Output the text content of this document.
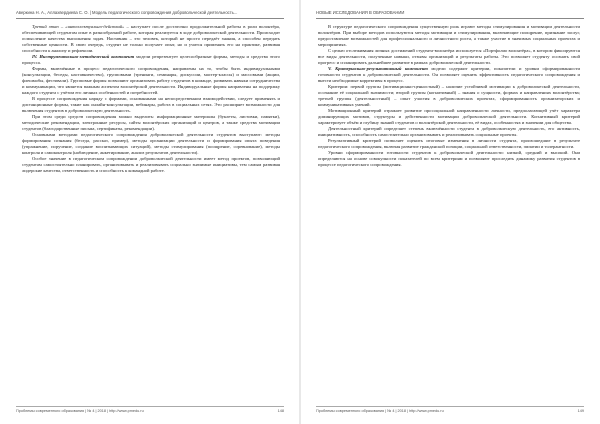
Аверкина Н. А., Аллахвердиева С. О. | Модель педагогического сопровождения добровольческой деятельность...

Третий этап – «интеллектуально-действий» – наступает после достаточно продолжительной работы в роли волонтёра, обеспечивающей студентам опыт в разнообразной работе, которая реализуется в ходе добровольческой деятельности. Происходит осмысление качества выполнения задач. Наставник – это человек, который не просто передаёт знания, а способен передать собственные ценности. В свою очередь, студент не только получает опыт, но и учится применять его на практике, развивая способности к анализу и рефлексии.

IV. Инструментально-методический компонент модели репрезентует целесообразные формы, методы и средства этого процесса.

Формы, включённые в процесс педагогического сопровождения, направлены на то, чтобы быть индивидуальными (консультации, беседы, наставничество), групповыми (тренинги, семинары, дискуссии, мастер-классы) и массовыми (акции, флешмобы, фестивали). Групповые формы позволяют организовать работу студентов в команде, развивать навыки сотрудничества и коммуникации, что является важным аспектом волонтёрской деятельности. Индивидуальные формы направлены на поддержку каждого студента с учётом его личных особенностей и потребностей.

В процессе сопровождения наряду с формами, основанными на непосредственном взаимодействии, следует применять и дистанционные формы, такие как онлайн-консультации, вебинары, работа в социальных сетях. Это расширяет возможности для включения студентов в добровольческую деятельность.

При этом среди средств сопровождения можно выделить: информационные материалы (буклеты, листовки, памятки), методические рекомендации, электронные ресурсы, сайты волонтёрских организаций и центров, а также средства мотивации студентов (благодарственные письма, сертификаты, рекомендации).

Основными методами педагогического сопровождения добровольческой деятельности студентов выступают: методы формирования сознания (беседа, рассказ, пример), методы организации деятельности и формирования опыта поведения (упражнение, поручение, создание воспитывающих ситуаций), методы стимулирования (поощрение, соревнование), методы контроля и самоконтроля (наблюдение, анкетирование, анализ результатов деятельности).

Особое значение в педагогическом сопровождении добровольческой деятельности имеет метод проектов, позволяющий студентам самостоятельно планировать, организовывать и реализовывать социально значимые инициативы, тем самым развивая лидерские качества, ответственность и способность к командной работе.

Проблемы современного образования | № 4 | 2018 | http://www.pmedu.ru	148
НОВЫЕ ИССЛЕДОВАНИЯ В ОБРАЗОВАНИИ

В структуре педагогического сопровождения существенную роль играют методы стимулирования и мотивации деятельности волонтёров. При выборе методов используются методы мотивации и стимулирования, включающие поощрение, признание заслуг, предоставление возможностей для профессионального и личностного роста, а также участие в значимых социальных проектах и мероприятиях.

С целью отслеживания личных достижений студента-волонтёра используется «Портфолио волонтёра», в котором фиксируются все виды деятельности, полученные навыки, отзывы организаций и результаты работы. Это позволяет студенту осознать свой прогресс и спланировать дальнейшее развитие в рамках добровольческой деятельности.

V. Критериально-результативный компонент модели содержит критерии, показатели и уровни сформированности готовности студентов к добровольческой деятельности. Он позволяет оценить эффективность педагогического сопровождения и внести необходимые коррективы в процесс.

Критерии: первой группы (мотивационно-ценностный) – наличие устойчивой мотивации к добровольческой деятельности, осознание её социальной значимости; второй группы (когнитивный) – знания о сущности, формах и направлениях волонтёрства; третьей группы (деятельностный) – опыт участия в добровольческих проектах, сформированность организаторских и коммуникативных умений.

Мотивационный критерий отражает развитие просоциальной направленности личности, предполагающей учёт характера доминирующих мотивов, структуры и действенности мотивации добровольческой деятельности. Когнитивный критерий характеризует объём и глубину знаний студентов о волонтёрской деятельности, её видах, особенностях и значении для общества.

Деятельностный критерий определяет степень включённости студента в добровольческую деятельность, его активность, инициативность, способность самостоятельно организовывать и реализовывать социальные проекты.

Результативный критерий позволяет оценить итоговые изменения в личности студента, произошедшие в результате педагогического сопровождения, включая развитие гражданской позиции, социальной ответственности, эмпатии и толерантности.

Уровни сформированности готовности студентов к добровольческой деятельности: низкий, средний и высокий. Они определяются на основе совокупности показателей по всем критериям и позволяют проследить динамику развития студентов в процессе педагогического сопровождения.

Проблемы современного образования | № 4 | 2018 | http://www.pmedu.ru	149
